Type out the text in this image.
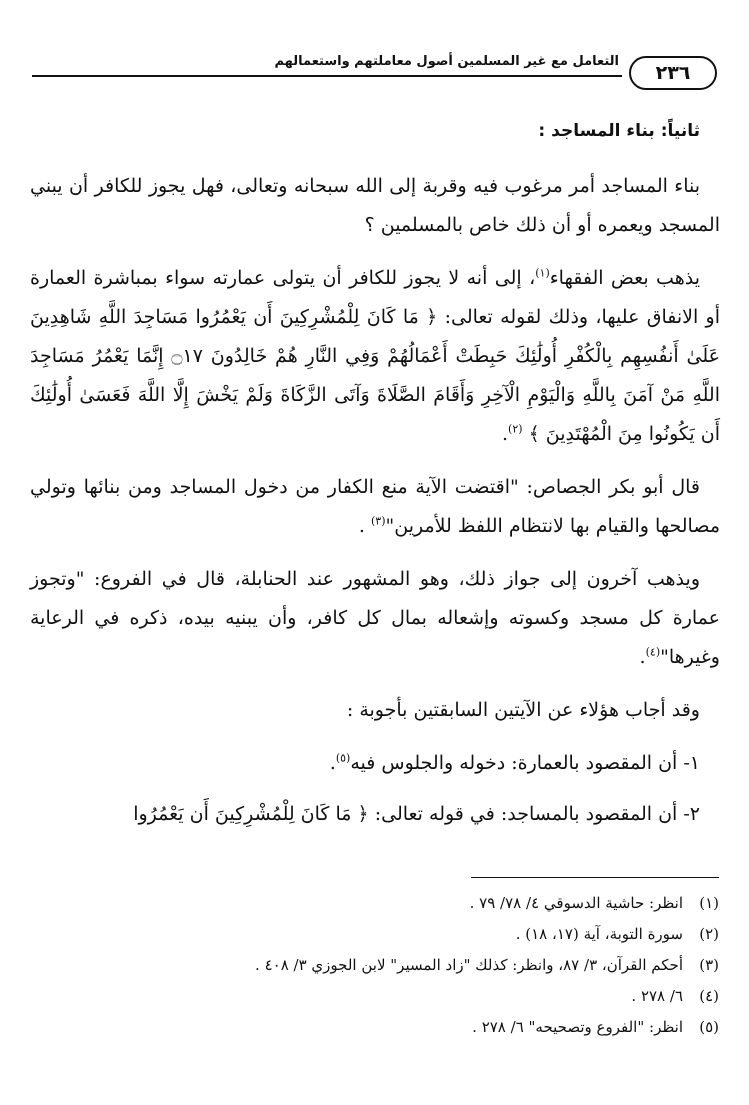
التعامل مع غير المسلمين أصول معاملتهم واستعمالهم
٢٣٦
ثانياً: بناء المساجد :

بناء المساجد أمر مرغوب فيه وقربة إلى الله سبحانه وتعالى، فهل يجوز للكافر أن يبني المسجد ويعمره أو أن ذلك خاص بالمسلمين ؟

يذهب بعض الفقهاء$^{(١)}$، إلى أنه لا يجوز للكافر أن يتولى عمارته سواء بمباشرة العمارة أو الانفاق عليها، وذلك لقوله تعالى: ﴿ مَا كَانَ لِلْمُشْرِكِينَ أَن يَعْمُرُوا مَسَاجِدَ اللَّهِ شَاهِدِينَ عَلَىٰ أَنفُسِهِم بِالْكُفْرِ أُولَٰئِكَ حَبِطَتْ أَعْمَالُهُمْ وَفِي النَّارِ هُمْ خَالِدُونَ ۝١٧ إِنَّمَا يَعْمُرُ مَسَاجِدَ اللَّهِ مَنْ آمَنَ بِاللَّهِ وَالْيَوْمِ الْآخِرِ وَأَقَامَ الصَّلَاةَ وَآتَى الزَّكَاةَ وَلَمْ يَخْشَ إِلَّا اللَّهَ فَعَسَىٰ أُولَٰئِكَ أَن يَكُونُوا مِنَ الْمُهْتَدِينَ ﴾ $^{(٢)}$.

قال أبو بكر الجصاص: "اقتضت الآية منع الكفار من دخول المساجد ومن بنائها وتولي مصالحها والقيام بها لانتظام اللفظ للأمرين"$^{(٣)}$ .

ويذهب آخرون إلى جواز ذلك، وهو المشهور عند الحنابلة، قال في الفروع: "وتجوز عمارة كل مسجد وكسوته وإشعاله بمال كل كافر، وأن يبنيه بيده، ذكره في الرعاية وغيرها"$^{(٤)}$.

وقد أجاب هؤلاء عن الآيتين السابقتين بأجوبة :

١- أن المقصود بالعمارة: دخوله والجلوس فيه$^{(٥)}$.

٢- أن المقصود بالمساجد: في قوله تعالى: ﴿ مَا كَانَ لِلْمُشْرِكِينَ أَن يَعْمُرُوا

(١)
انظر: حاشية الدسوقي ٤/ ٧٨/ ٧٩ .
(٢)
سورة التوبة، آية (١٧، ١٨) .
(٣)
أحكم القرآن، ٣/ ٨٧، وانظر: كذلك "زاد المسير" لابن الجوزي ٣/ ٤٠٨ .
(٤)
٦/ ٢٧٨ .
(٥)
انظر: "الفروع وتصحيحه" ٦/ ٢٧٨ .
